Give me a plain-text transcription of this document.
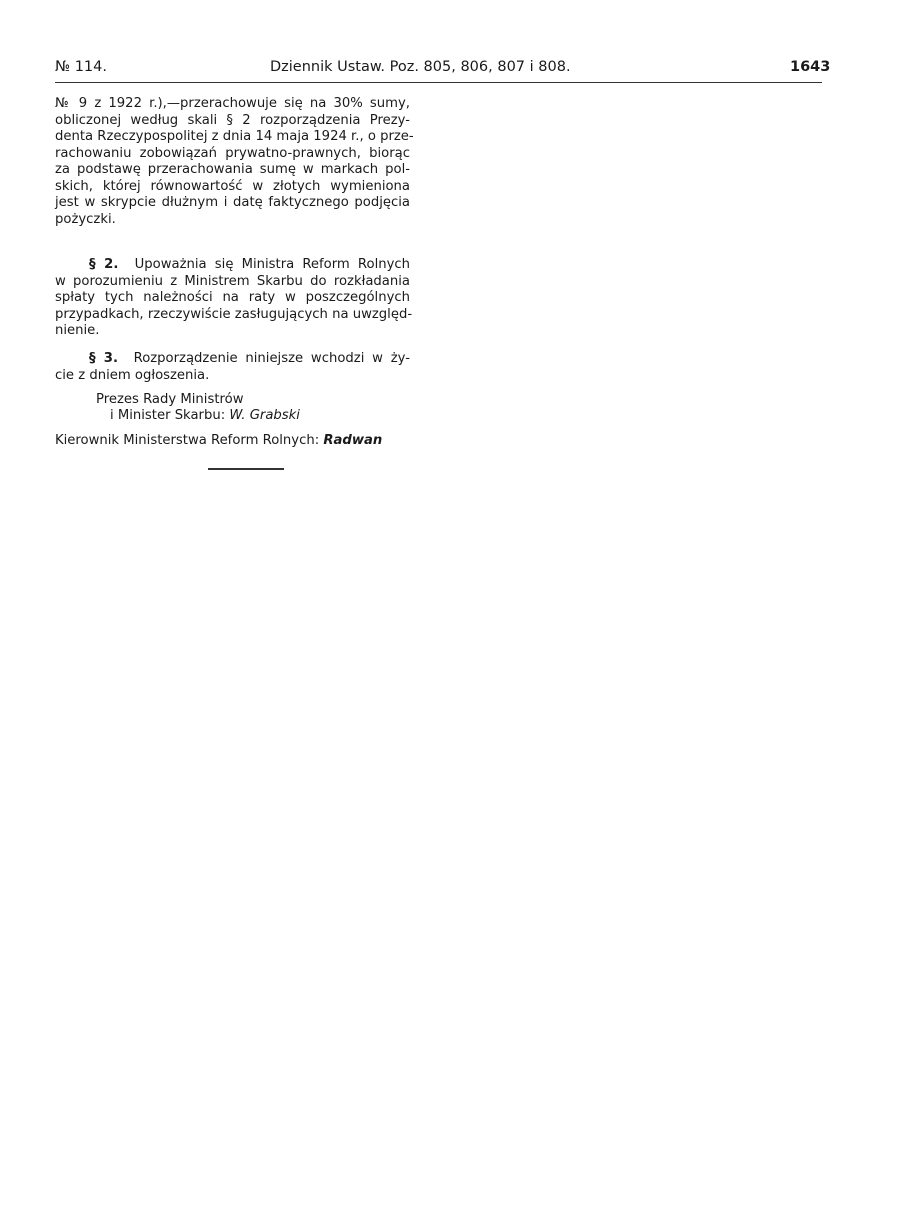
№ 114.	Dziennik Ustaw. Poz. 805, 806, 807 i 808.	1643
№ 9 z 1922 r.),—przerachowuje się na 30% sumy,
obliczonej według skali § 2 rozporządzenia Prezy-
denta Rzeczypospolitej z dnia 14 maja 1924 r., o prze-
rachowaniu zobowiązań prywatno-prawnych, biorąc
za podstawę przerachowania sumę w markach pol-
skich, której równowartość w złotych wymieniona
jest w skrypcie dłużnym i datę faktycznego podjęcia
pożyczki.
§ 2. Upoważnia się Ministra Reform Rolnych
w porozumieniu z Ministrem Skarbu do rozkładania
spłaty tych należności na raty w poszczególnych
przypadkach, rzeczywiście zasługujących na uwzględ-
nienie.
§ 3. Rozporządzenie niniejsze wchodzi w ży-
cie z dniem ogłoszenia.
Prezes Rady Ministrów
i Minister Skarbu: W. Grabski
Kierownik Ministerstwa Reform Rolnych: Radwan
